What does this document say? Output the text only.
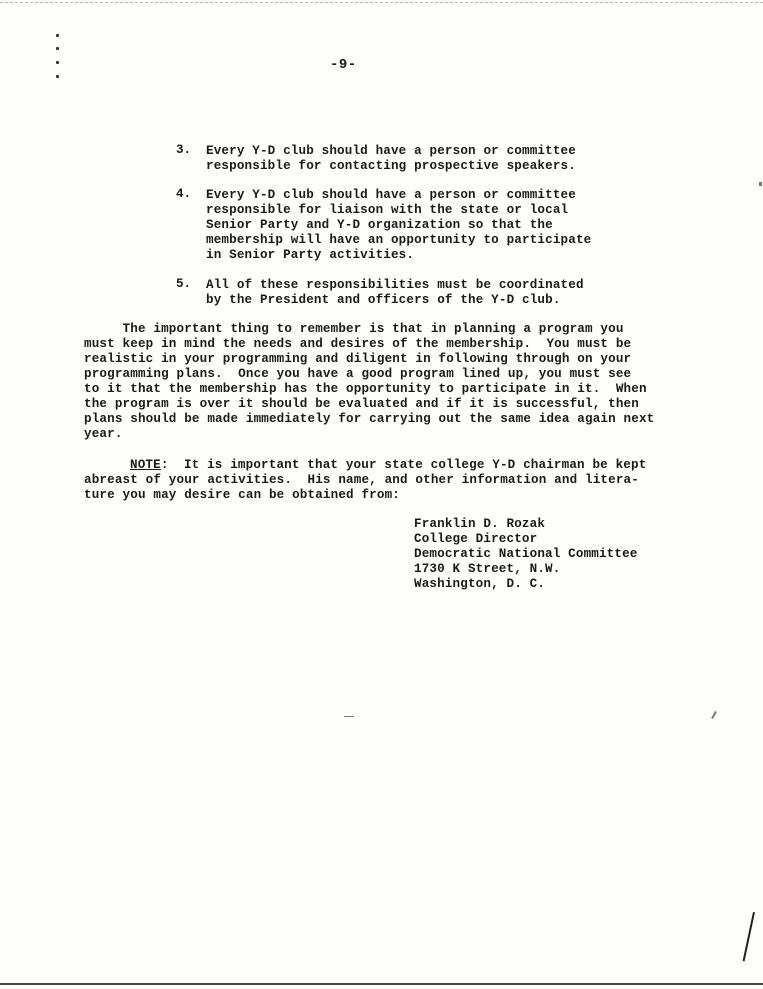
-9-
3. Every Y-D club should have a person or committee
responsible for contacting prospective speakers.
4. Every Y-D club should have a person or committee
responsible for liaison with the state or local
Senior Party and Y-D organization so that the
membership will have an opportunity to participate
in Senior Party activities.
5. All of these responsibilities must be coordinated
by the President and officers of the Y-D club.
The important thing to remember is that in planning a program you
must keep in mind the needs and desires of the membership.  You must be
realistic in your programming and diligent in following through on your
programming plans.  Once you have a good program lined up, you must see
to it that the membership has the opportunity to participate in it.  When
the program is over it should be evaluated and if it is successful, then
plans should be made immediately for carrying out the same idea again next
year.
NOTE:  It is important that your state college Y-D chairman be kept
abreast of your activities.  His name, and other information and litera-
ture you may desire can be obtained from:
Franklin D. Rozak
College Director
Democratic National Committee
1730 K Street, N.W.
Washington, D. C.
